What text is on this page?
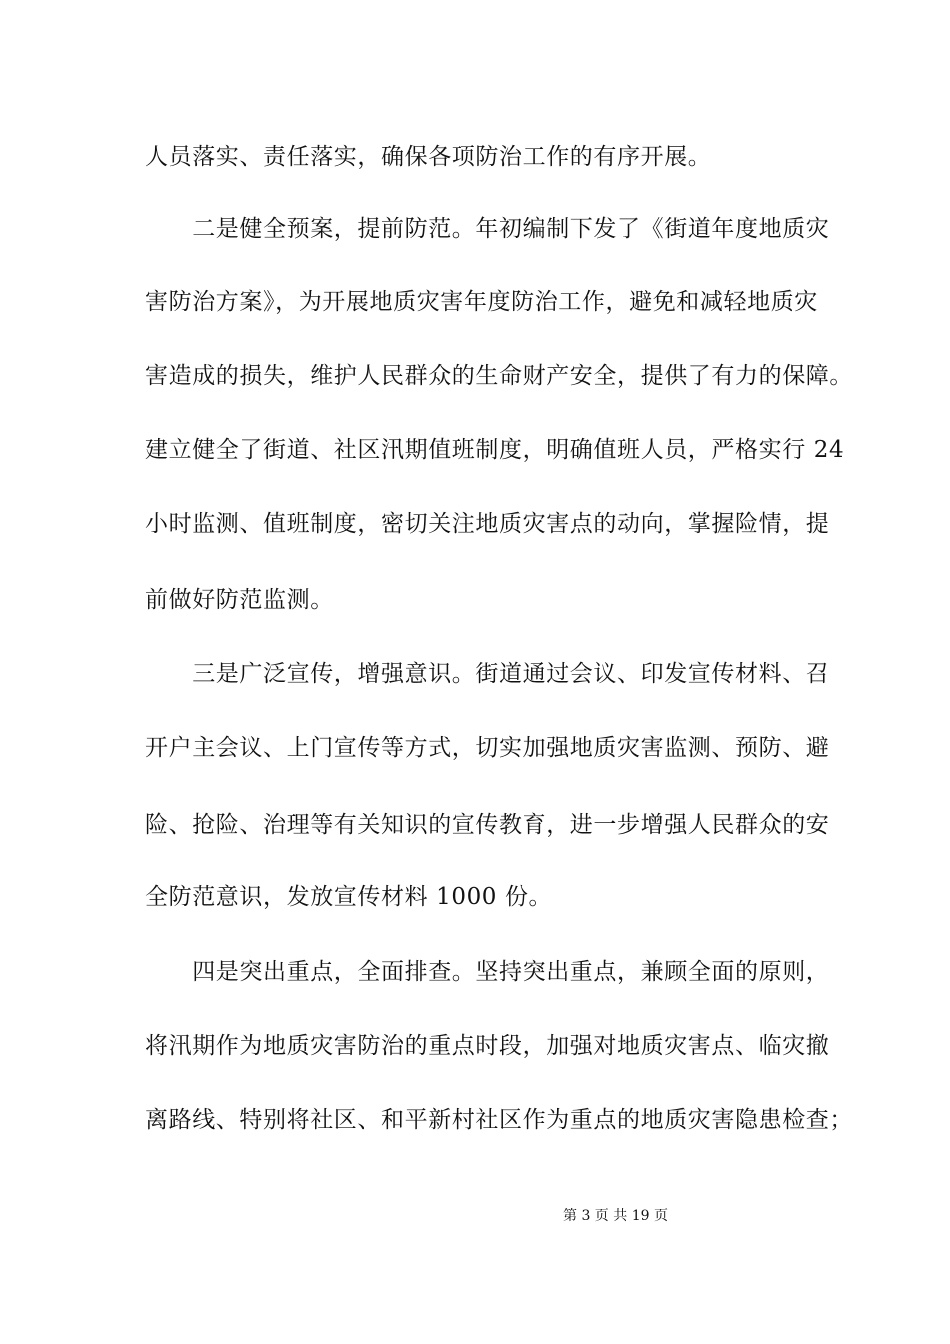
人员落实、责任落实，确保各项防治工作的有序开展。
　　二是健全预案，提前防范。年初编制下发了《街道年度地质灾
害防治方案》，为开展地质灾害年度防治工作，避免和减轻地质灾
害造成的损失，维护人民群众的生命财产安全，提供了有力的保障。
建立健全了街道、社区汛期值班制度，明确值班人员，严格实行 24
小时监测、值班制度，密切关注地质灾害点的动向，掌握险情，提
前做好防范监测。
　　三是广泛宣传，增强意识。街道通过会议、印发宣传材料、召
开户主会议、上门宣传等方式，切实加强地质灾害监测、预防、避
险、抢险、治理等有关知识的宣传教育，进一步增强人民群众的安
全防范意识，发放宣传材料 1000 份。
　　四是突出重点，全面排查。坚持突出重点，兼顾全面的原则，
将汛期作为地质灾害防治的重点时段，加强对地质灾害点、临灾撤
离路线、特别将社区、和平新村社区作为重点的地质灾害隐患检查；
第 3 页 共 19 页
